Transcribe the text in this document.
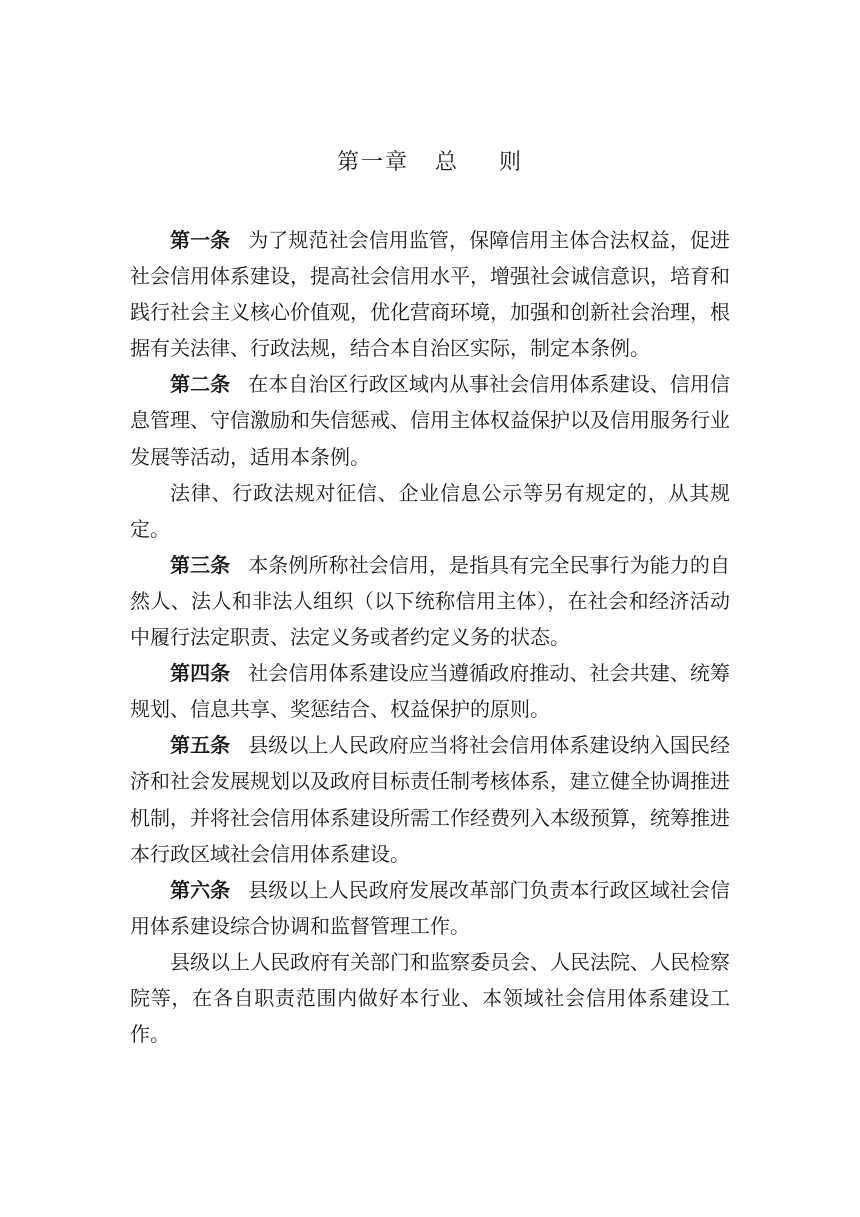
第一章 总 则

第一条 为了规范社会信用监管，保障信用主体合法权益，促进社会信用体系建设，提高社会信用水平，增强社会诚信意识，培育和践行社会主义核心价值观，优化营商环境，加强和创新社会治理，根据有关法律、行政法规，结合本自治区实际，制定本条例。

第二条 在本自治区行政区域内从事社会信用体系建设、信用信息管理、守信激励和失信惩戒、信用主体权益保护以及信用服务行业发展等活动，适用本条例。

法律、行政法规对征信、企业信息公示等另有规定的，从其规定。

第三条 本条例所称社会信用，是指具有完全民事行为能力的自然人、法人和非法人组织（以下统称信用主体），在社会和经济活动中履行法定职责、法定义务或者约定义务的状态。

第四条 社会信用体系建设应当遵循政府推动、社会共建、统筹规划、信息共享、奖惩结合、权益保护的原则。

第五条 县级以上人民政府应当将社会信用体系建设纳入国民经济和社会发展规划以及政府目标责任制考核体系，建立健全协调推进机制，并将社会信用体系建设所需工作经费列入本级预算，统筹推进本行政区域社会信用体系建设。

第六条 县级以上人民政府发展改革部门负责本行政区域社会信用体系建设综合协调和监督管理工作。

县级以上人民政府有关部门和监察委员会、人民法院、人民检察院等，在各自职责范围内做好本行业、本领域社会信用体系建设工作。
